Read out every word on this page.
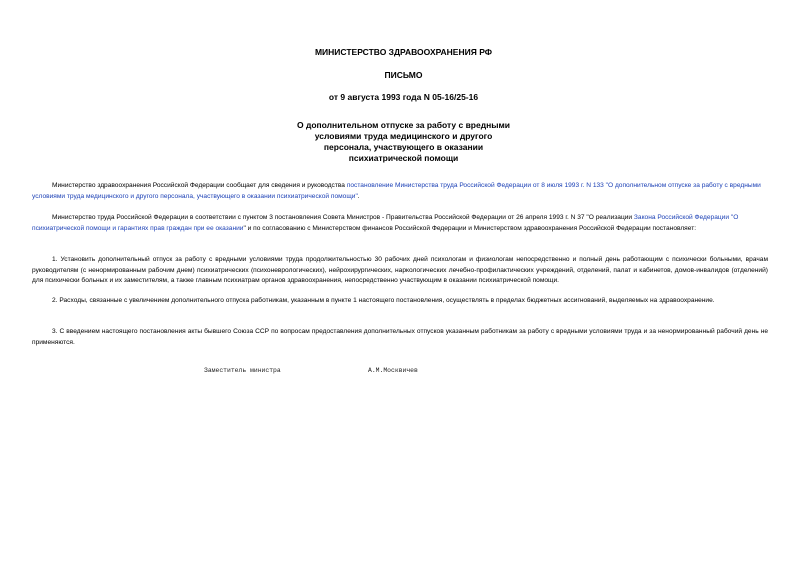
МИНИСТЕРСТВО ЗДРАВООХРАНЕНИЯ РФ
ПИСЬМО
от 9 августа 1993 года N 05-16/25-16
О дополнительном отпуске за работу с вредными
условиями труда медицинского и другого
персонала, участвующего в оказании
психиатрической помощи
Министерство здравоохранения Российской Федерации сообщает для сведения и руководства постановление Министерства труда Российской Федерации от 8 июля 1993 г. N 133 "О дополнительном отпуске за работу с вредными условиями труда медицинского и другого персонала, участвующего в оказании психиатрической помощи".
Министерство труда Российской Федерации в соответствии с пунктом 3 постановления Совета Министров - Правительства Российской Федерации от 26 апреля 1993 г. N 37 "О реализации Закона Российской Федерации "О психиатрической помощи и гарантиях прав граждан при ее оказании" и по согласованию с Министерством финансов Российской Федерации и Министерством здравоохранения Российской Федерации постановляет:
1. Установить дополнительный отпуск за работу с вредными условиями труда продолжительностью 30 рабочих дней психологам и физиологам непосредственно и полный день работающим с психически больными, врачам руководителям (с ненормированным рабочим днем) психиатрических (психоневрологических), нейрохирургических, наркологических лечебно-профилактических учреждений, отделений, палат и кабинетов, домов-инвалидов (отделений) для психически больных и их заместителям, а также главным психиатрам органов здравоохранения, непосредственно участвующим в оказании психиатрической помощи.
2. Расходы, связанные с увеличением дополнительного отпуска работникам, указанным в пункте 1 настоящего постановления, осуществлять в пределах бюджетных ассигнований, выделяемых на здравоохранение.
3. С введением настоящего постановления акты бывшего Союза ССР по вопросам предоставления дополнительных отпусков указанным работникам за работу с вредными условиями труда и за ненормированный рабочий день не применяются.
Заместитель министра	А.М.Москвичев
